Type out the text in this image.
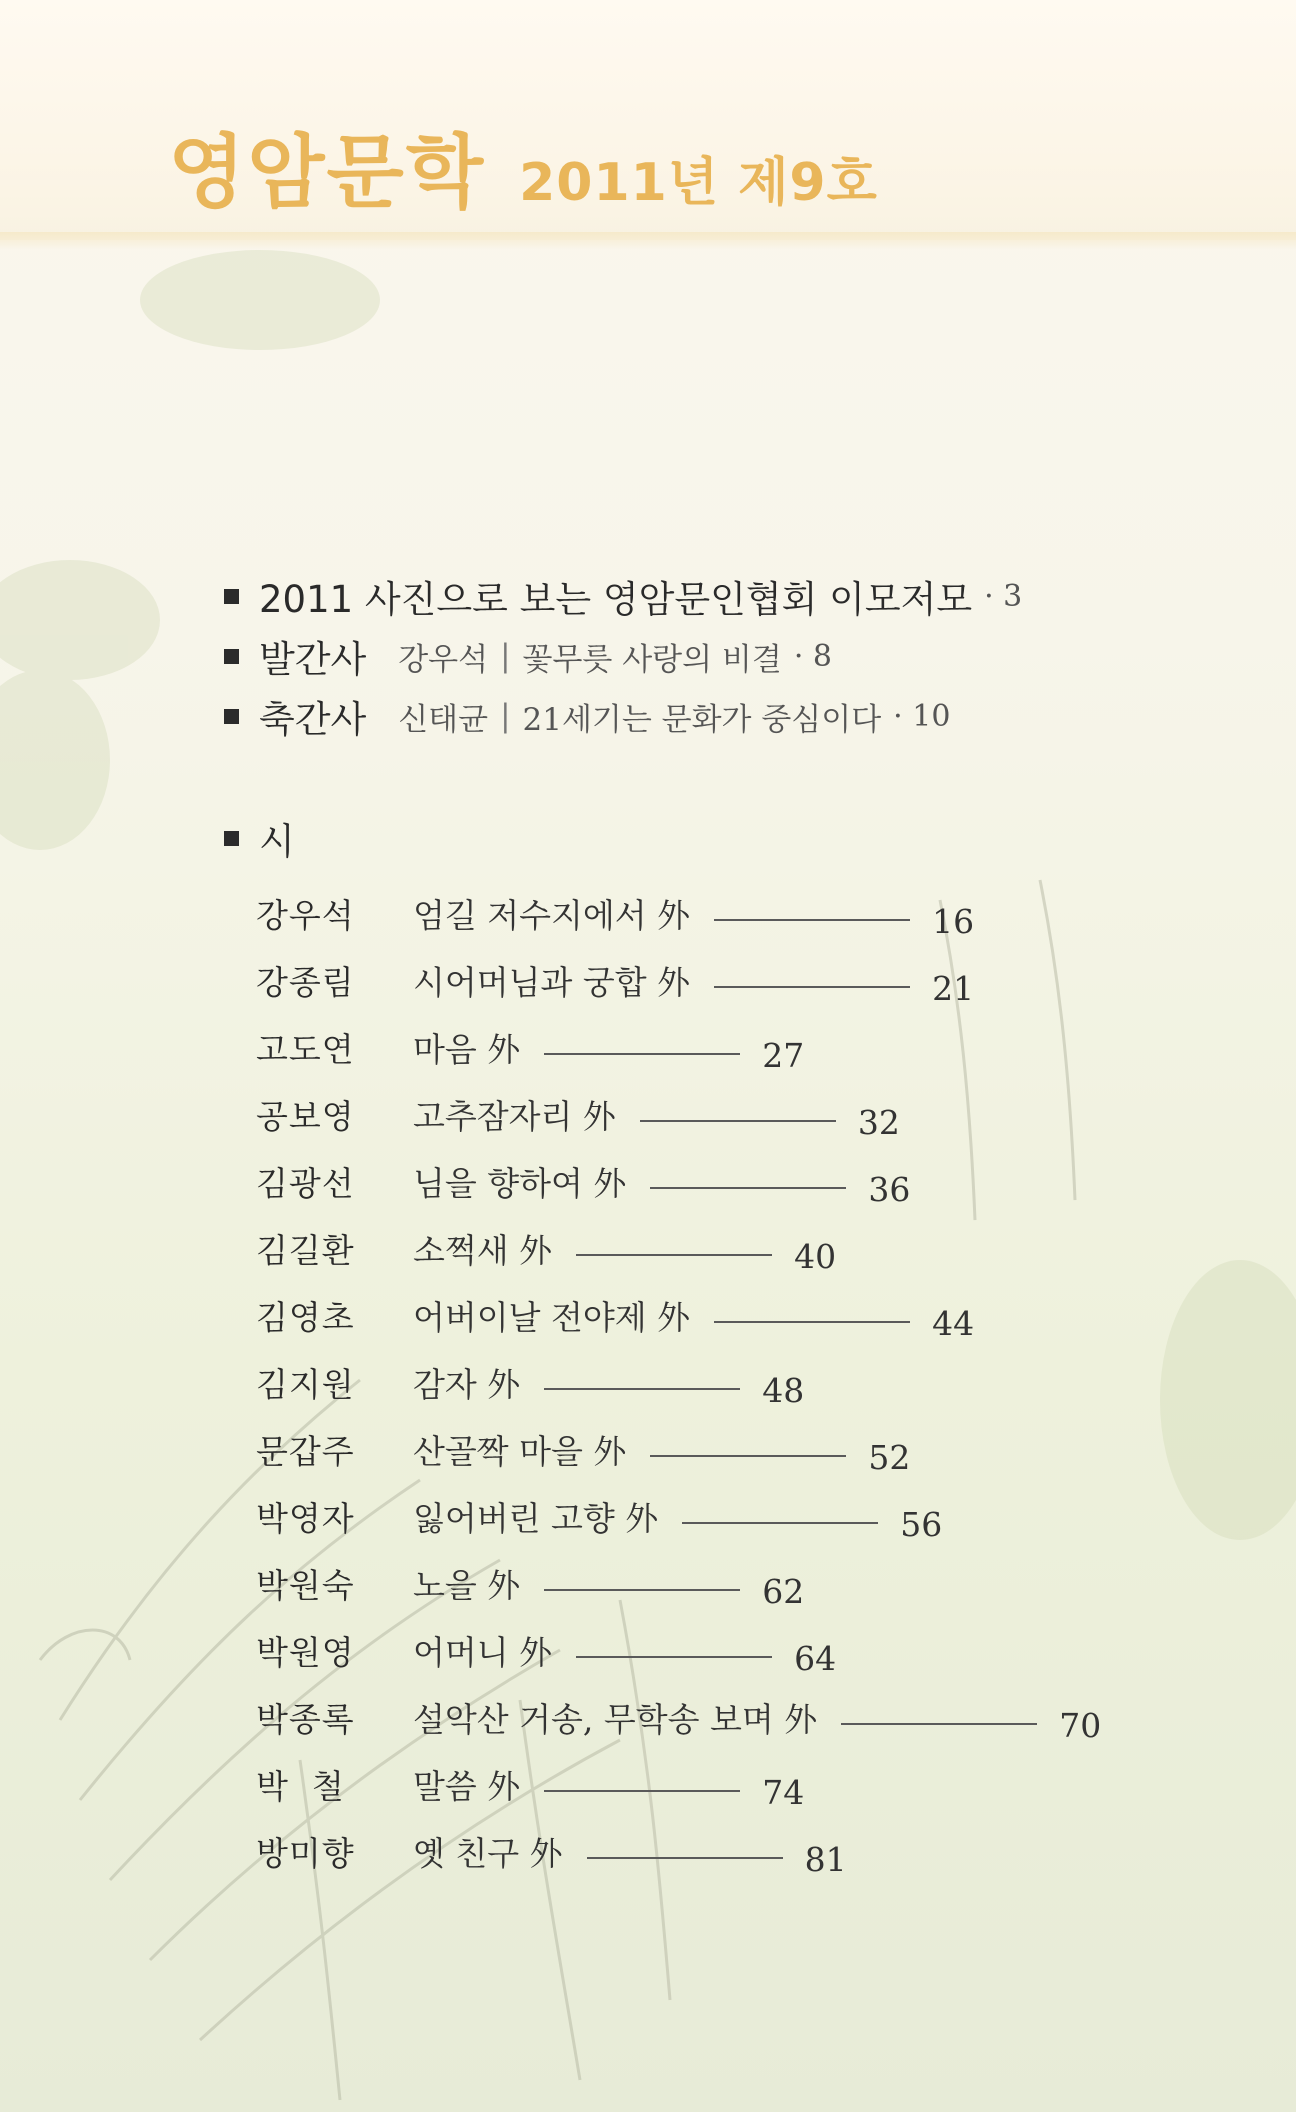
영암문학 2011년 제9호
2011 사진으로 보는 영암문인협회 이모저모 · 3
발간사 강우석 | 꽃무릇 사랑의 비결 · 8
축간사 신태균 | 21세기는 문화가 중심이다 · 10
시
강우석	엄길 저수지에서 外	16
강종림	시어머님과 궁합 外	21
고도연	마음 外	27
공보영	고추잠자리 外	32
김광선	님을 향하여 外	36
김길환	소쩍새 外	40
김영초	어버이날 전야제 外	44
김지원	감자 外	48
문갑주	산골짝 마을 外	52
박영자	잃어버린 고향 外	56
박원숙	노을 外	62
박원영	어머니 外	64
박종록	설악산 거송, 무학송 보며 外	70
박  철	말씀 外	74
방미향	옛 친구 外	81
